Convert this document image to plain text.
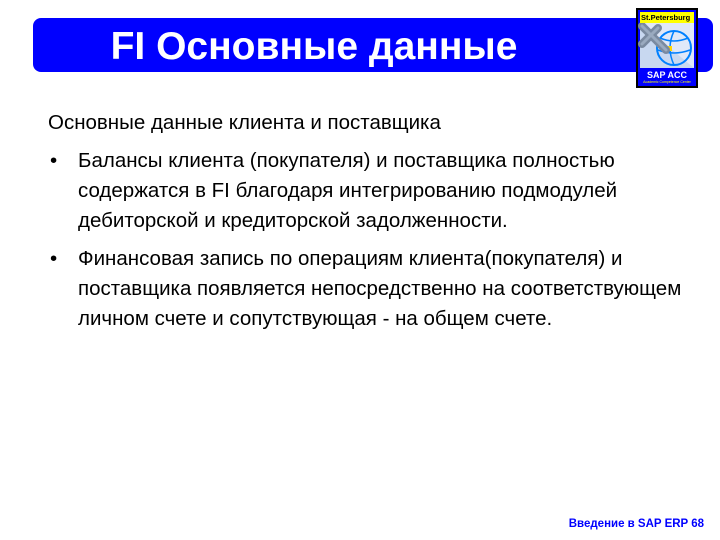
FI Основные данные
St.Petersburg
SAP ACC
Academic Competence Center

Основные данные клиента и поставщика

• Балансы клиента (покупателя) и поставщика полностью содержатся в FI благодаря интегрированию подмодулей дебиторской и кредиторской задолженности.
• Финансовая запись по операциям клиента(покупателя) и поставщика появляется непосредственно на соответствующем личном счете и сопутствующая - на общем счете.
Введение в SAP ERP 68
